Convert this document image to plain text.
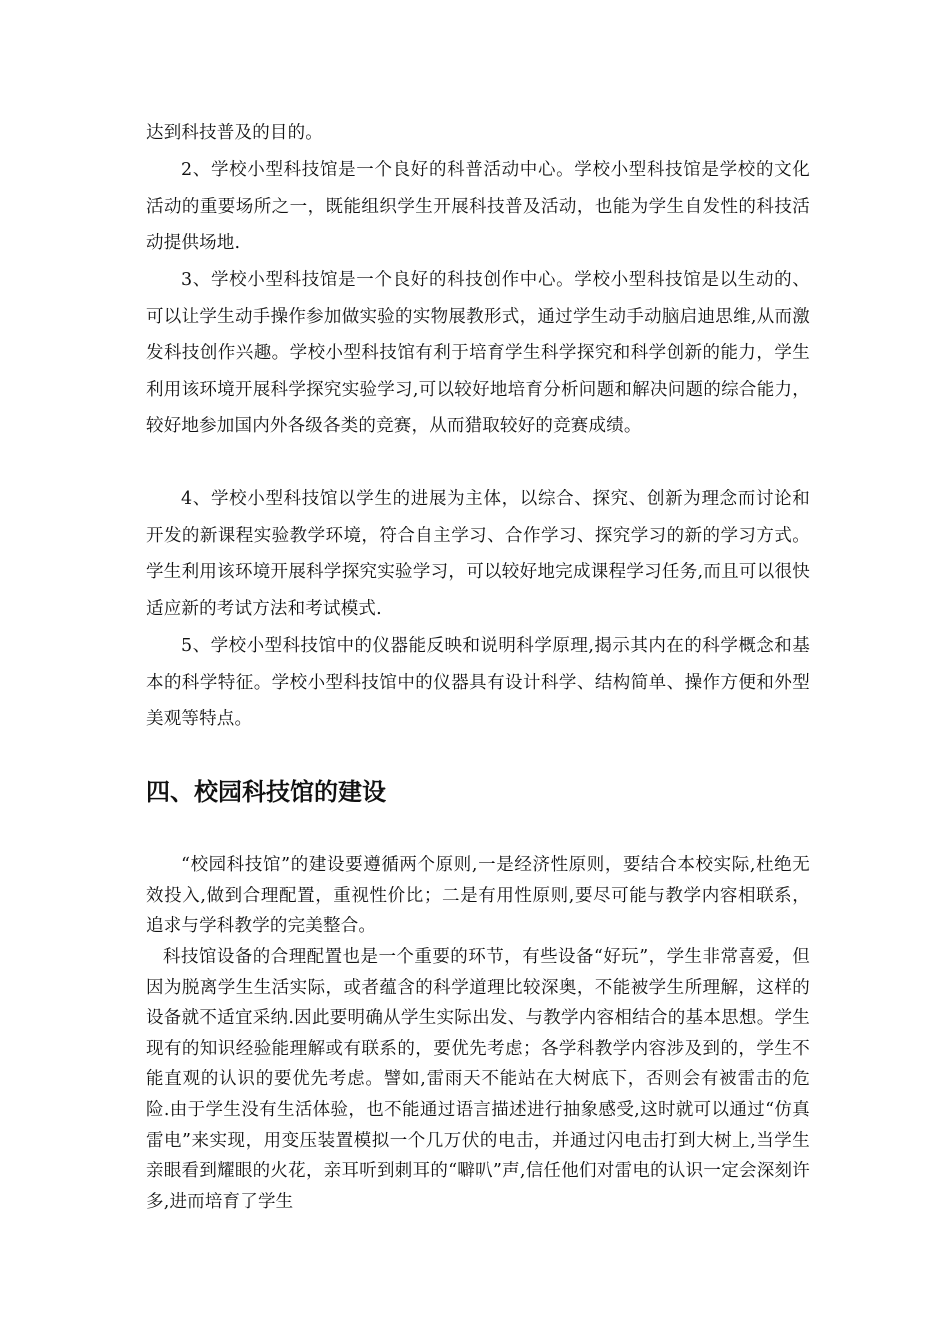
达到科技普及的目的。

2、学校小型科技馆是一个良好的科普活动中心。学校小型科技馆是学校的文化活动的重要场所之一，既能组织学生开展科技普及活动，也能为学生自发性的科技活动提供场地.

3、学校小型科技馆是一个良好的科技创作中心。学校小型科技馆是以生动的、可以让学生动手操作参加做实验的实物展教形式，通过学生动手动脑启迪思维,从而激发科技创作兴趣。学校小型科技馆有利于培育学生科学探究和科学创新的能力，学生利用该环境开展科学探究实验学习,可以较好地培育分析问题和解决问题的综合能力，较好地参加国内外各级各类的竞赛，从而猎取较好的竞赛成绩。

4、学校小型科技馆以学生的进展为主体，以综合、探究、创新为理念而讨论和开发的新课程实验教学环境，符合自主学习、合作学习、探究学习的新的学习方式。学生利用该环境开展科学探究实验学习，可以较好地完成课程学习任务,而且可以很快适应新的考试方法和考试模式.

5、学校小型科技馆中的仪器能反映和说明科学原理,揭示其内在的科学概念和基本的科学特征。学校小型科技馆中的仪器具有设计科学、结构简单、操作方便和外型美观等特点。

四、校园科技馆的建设

“校园科技馆”的建设要遵循两个原则,一是经济性原则，要结合本校实际,杜绝无效投入,做到合理配置，重视性价比；二是有用性原则,要尽可能与教学内容相联系，追求与学科教学的完美整合。

科技馆设备的合理配置也是一个重要的环节，有些设备“好玩”，学生非常喜爱，但因为脱离学生生活实际，或者蕴含的科学道理比较深奥，不能被学生所理解，这样的设备就不适宜采纳.因此要明确从学生实际出发、与教学内容相结合的基本思想。学生现有的知识经验能理解或有联系的，要优先考虑；各学科教学内容涉及到的，学生不能直观的认识的要优先考虑。譬如,雷雨天不能站在大树底下，否则会有被雷击的危险.由于学生没有生活体验，也不能通过语言描述进行抽象感受,这时就可以通过“仿真雷电”来实现，用变压装置模拟一个几万伏的电击，并通过闪电击打到大树上,当学生亲眼看到耀眼的火花，亲耳听到刺耳的“噼叭”声,信任他们对雷电的认识一定会深刻许多,进而培育了学生
